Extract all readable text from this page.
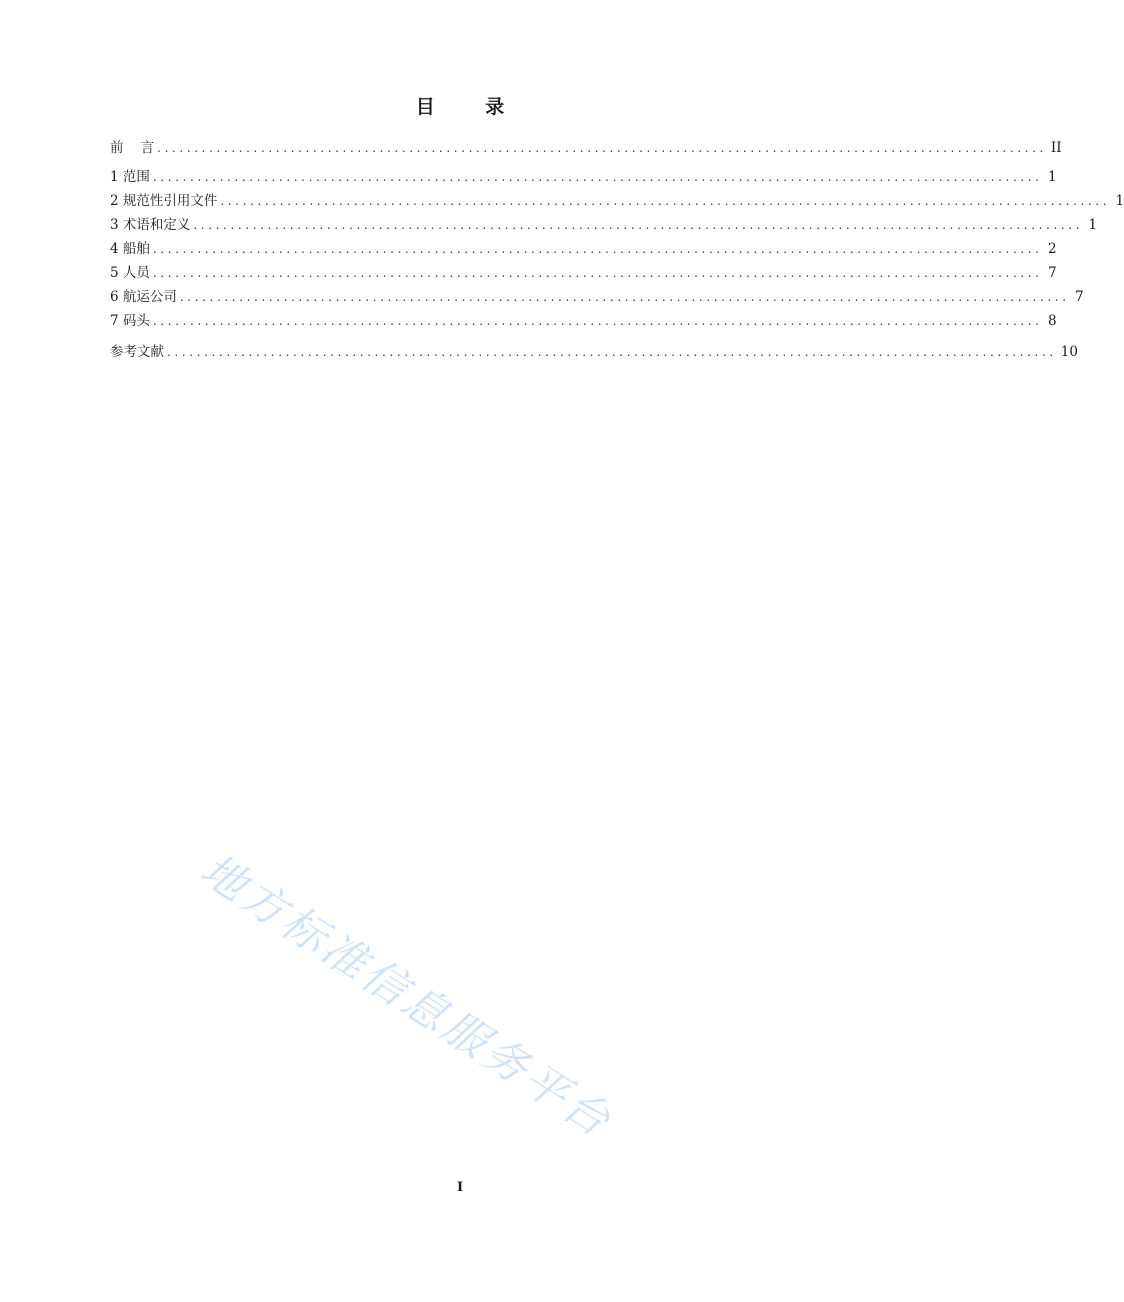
目 录
前    言 ........................................................................................................................ II
1 范围 ........................................................................................................................ 1
2 规范性引用文件 ........................................................................................................................ 1
3 术语和定义 ........................................................................................................................ 1
4 船舶 ........................................................................................................................ 2
5 人员 ........................................................................................................................ 7
6 航运公司 ........................................................................................................................ 7
7 码头 ........................................................................................................................ 8
参考文献 ........................................................................................................................ 10
地方标准信息服务平台
I
